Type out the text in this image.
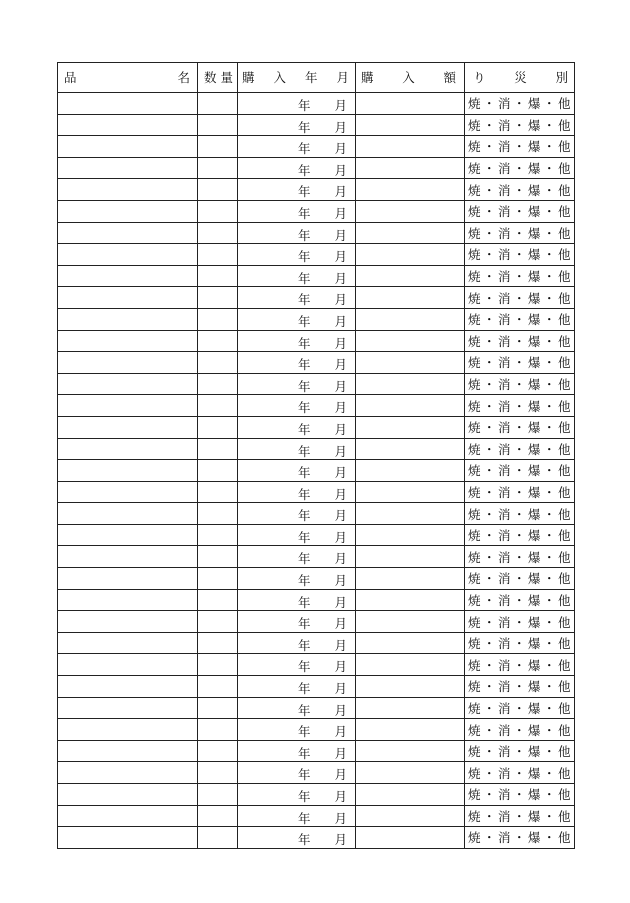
品 名	数 量	購 入 年 月	購 入 額	り 災 別

		年 月		焼 ・ 消 ・ 爆 ・ 他

		年 月		焼 ・ 消 ・ 爆 ・ 他

		年 月		焼 ・ 消 ・ 爆 ・ 他

		年 月		焼 ・ 消 ・ 爆 ・ 他

		年 月		焼 ・ 消 ・ 爆 ・ 他

		年 月		焼 ・ 消 ・ 爆 ・ 他

		年 月		焼 ・ 消 ・ 爆 ・ 他

		年 月		焼 ・ 消 ・ 爆 ・ 他

		年 月		焼 ・ 消 ・ 爆 ・ 他

		年 月		焼 ・ 消 ・ 爆 ・ 他

		年 月		焼 ・ 消 ・ 爆 ・ 他

		年 月		焼 ・ 消 ・ 爆 ・ 他

		年 月		焼 ・ 消 ・ 爆 ・ 他

		年 月		焼 ・ 消 ・ 爆 ・ 他

		年 月		焼 ・ 消 ・ 爆 ・ 他

		年 月		焼 ・ 消 ・ 爆 ・ 他

		年 月		焼 ・ 消 ・ 爆 ・ 他

		年 月		焼 ・ 消 ・ 爆 ・ 他

		年 月		焼 ・ 消 ・ 爆 ・ 他

		年 月		焼 ・ 消 ・ 爆 ・ 他

		年 月		焼 ・ 消 ・ 爆 ・ 他

		年 月		焼 ・ 消 ・ 爆 ・ 他

		年 月		焼 ・ 消 ・ 爆 ・ 他

		年 月		焼 ・ 消 ・ 爆 ・ 他

		年 月		焼 ・ 消 ・ 爆 ・ 他

		年 月		焼 ・ 消 ・ 爆 ・ 他

		年 月		焼 ・ 消 ・ 爆 ・ 他

		年 月		焼 ・ 消 ・ 爆 ・ 他

		年 月		焼 ・ 消 ・ 爆 ・ 他

		年 月		焼 ・ 消 ・ 爆 ・ 他

		年 月		焼 ・ 消 ・ 爆 ・ 他

		年 月		焼 ・ 消 ・ 爆 ・ 他

		年 月		焼 ・ 消 ・ 爆 ・ 他

		年 月		焼 ・ 消 ・ 爆 ・ 他

		年 月		焼 ・ 消 ・ 爆 ・ 他
